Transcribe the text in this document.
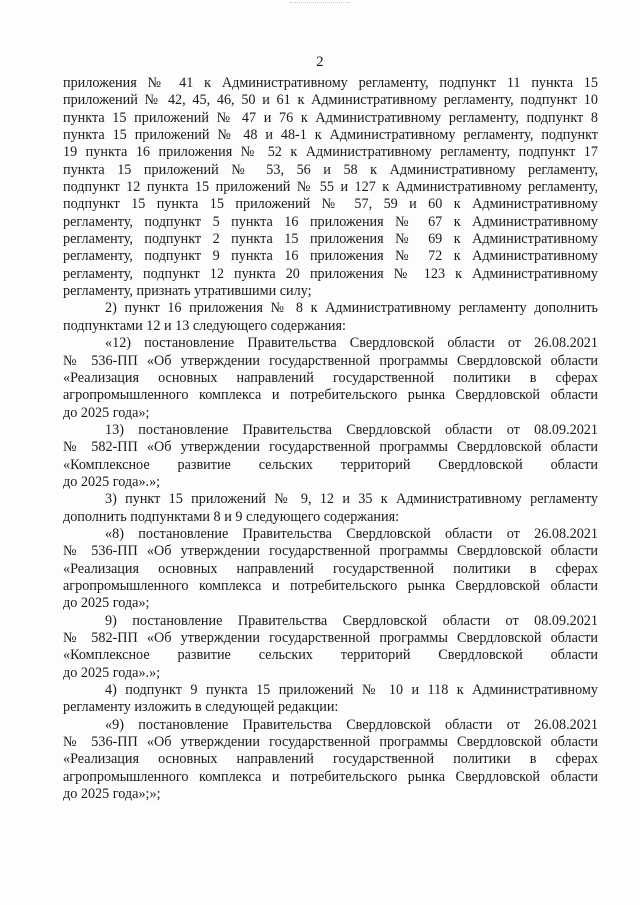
2
приложения № 41 к Административному регламенту, подпункт 11 пункта 15
приложений № 42, 45, 46, 50 и 61 к Административному регламенту, подпункт 10
пункта 15 приложений № 47 и 76 к Административному регламенту, подпункт 8
пункта 15 приложений № 48 и 48-1 к Административному регламенту, подпункт
19 пункта 16 приложения № 52 к Административному регламенту, подпункт 17
пункта 15 приложений № 53, 56 и 58 к Административному регламенту,
подпункт 12 пункта 15 приложений № 55 и 127 к Административному регламенту,
подпункт 15 пункта 15 приложений № 57, 59 и 60 к Административному
регламенту, подпункт 5 пункта 16 приложения № 67 к Административному
регламенту, подпункт 2 пункта 15 приложения № 69 к Административному
регламенту, подпункт 9 пункта 16 приложения № 72 к Административному
регламенту, подпункт 12 пункта 20 приложения № 123 к Административному
регламенту, признать утратившими силу;
2) пункт 16 приложения № 8 к Административному регламенту дополнить
подпунктами 12 и 13 следующего содержания:
«12) постановление Правительства Свердловской области от 26.08.2021
№ 536-ПП «Об утверждении государственной программы Свердловской области
«Реализация основных направлений государственной политики в сферах
агропромышленного комплекса и потребительского рынка Свердловской области
до 2025 года»;
13) постановление Правительства Свердловской области от 08.09.2021
№ 582-ПП «Об утверждении государственной программы Свердловской области
«Комплексное развитие сельских территорий Свердловской области
до 2025 года».»;
3) пункт 15 приложений № 9, 12 и 35 к Административному регламенту
дополнить подпунктами 8 и 9 следующего содержания:
«8) постановление Правительства Свердловской области от 26.08.2021
№ 536-ПП «Об утверждении государственной программы Свердловской области
«Реализация основных направлений государственной политики в сферах
агропромышленного комплекса и потребительского рынка Свердловской области
до 2025 года»;
9) постановление Правительства Свердловской области от 08.09.2021
№ 582-ПП «Об утверждении государственной программы Свердловской области
«Комплексное развитие сельских территорий Свердловской области
до 2025 года».»;
4) подпункт 9 пункта 15 приложений № 10 и 118 к Административному
регламенту изложить в следующей редакции:
«9) постановление Правительства Свердловской области от 26.08.2021
№ 536-ПП «Об утверждении государственной программы Свердловской области
«Реализация основных направлений государственной политики в сферах
агропромышленного комплекса и потребительского рынка Свердловской области
до 2025 года»;»;
